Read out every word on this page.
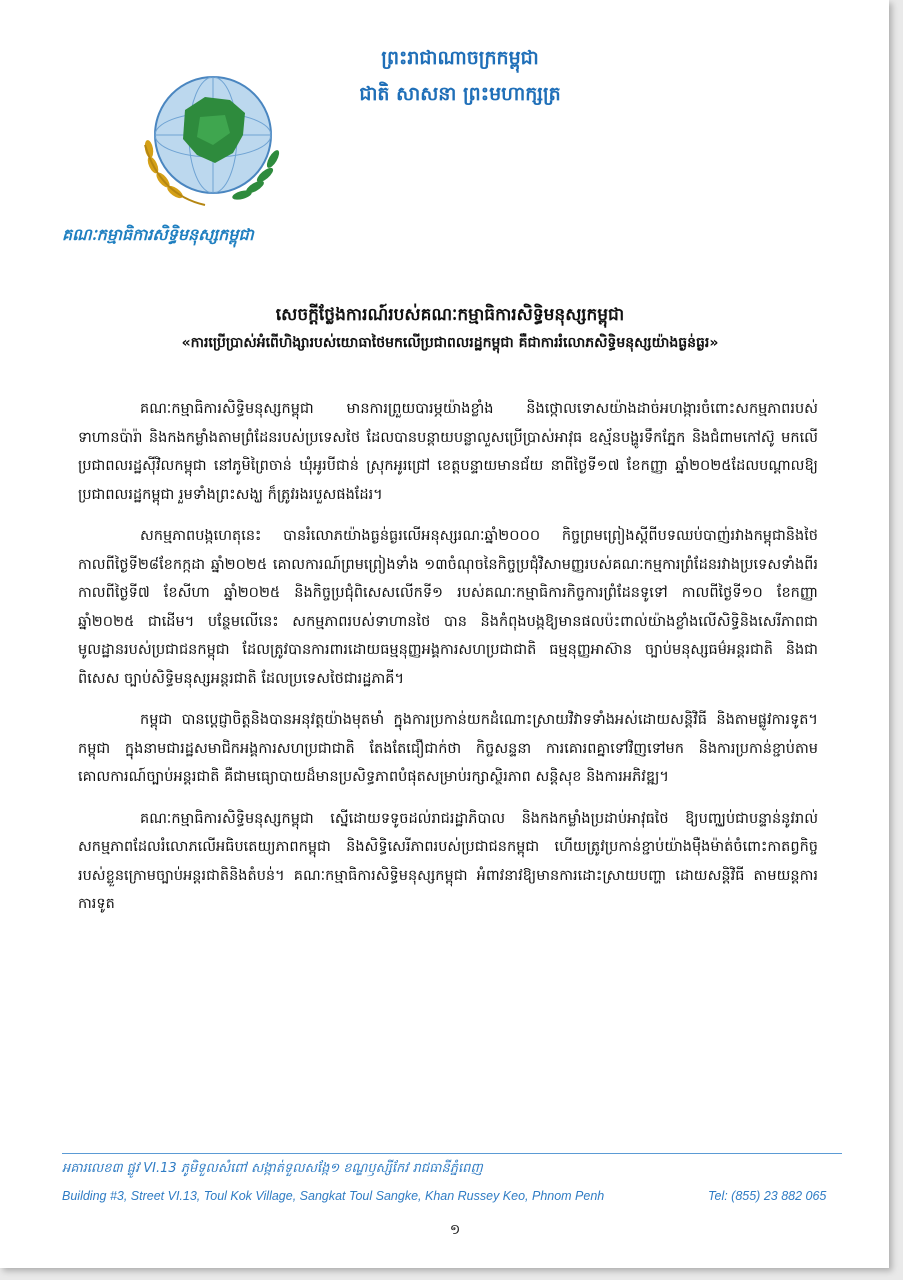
គណៈកម្មាធិការសិទ្ធិមនុស្សកម្ពុជា
ព្រះរាជាណាចក្រកម្ពុជា
ជាតិ សាសនា ព្រះមហាក្សត្រ
សេចក្តីថ្លែងការណ៍របស់គណៈកម្មាធិការសិទ្ធិមនុស្សកម្ពុជា
«ការប្រើប្រាស់អំពើហិង្សារបស់យោធាថៃមកលើប្រជាពលរដ្ឋកម្ពុជា គឺជាការរំលោភសិទ្ធិមនុស្សយ៉ាងធ្ងន់ធ្ងរ»

គណៈកម្មាធិការសិទ្ធិមនុស្សកម្ពុជា មានការព្រួយបារម្ភយ៉ាងខ្លាំង និងថ្កោលទោសយ៉ាងដាច់អហង្ការចំពោះសកម្មភាពរបស់ទាហានប៉ារ៉ា និងកងកម្លាំងតាមព្រំដែនរបស់ប្រទេសថៃ ដែលបានបន្តាយបន្លាលួសប្រើប្រាស់អាវុធ ឧស្ម័នបង្ហូរទឹកភ្នែក និងជំពាមកៅស៊ូ មកលើប្រជាពលរដ្ឋស៊ីវិលកម្ពុជា នៅភូមិព្រៃចាន់ ឃុំអូរបីជាន់ ស្រុកអូរជ្រៅ ខេត្តបន្ទាយមានជ័យ នាពីថ្ងៃទី១៧ ខែកញ្ញា ឆ្នាំ២០២៥ដែលបណ្តាលឱ្យប្រជាពលរដ្ឋកម្ពុជា រួមទាំងព្រះសង្ឃ ក៏ត្រូវរងរបួសផងដែរ។

សកម្មភាពបង្កហេតុនេះ បានរំលោភយ៉ាងធ្ងន់ធ្ងរលើអនុស្សរណៈឆ្នាំ២០០០ កិច្ចព្រមព្រៀងស្តីពីបទឈប់បាញ់រវាងកម្ពុជានិងថៃ កាលពីថ្ងៃទី២៨ខែកក្កដា ឆ្នាំ២០២៥ គោលការណ៍ព្រមព្រៀងទាំង ១៣ចំណុចនៃកិច្ចប្រជុំវិសាមញ្ញរបស់គណៈកម្មការព្រំដែនរវាងប្រទេសទាំងពីរ កាលពីថ្ងៃទី៧ ខែសីហា ឆ្នាំ២០២៥ និងកិច្ចប្រជុំពិសេសលើកទី១ របស់គណៈកម្មាធិការកិច្ចការព្រំដែនទូទៅ កាលពីថ្ងៃទី១០ ខែកញ្ញា ឆ្នាំ២០២៥ ជាដើម។ បន្ថែមលើនេះ សកម្មភាពរបស់ទាហានថៃ បាន និងកំពុងបង្កឱ្យមានផលប៉ះពាល់យ៉ាងខ្លាំងលើសិទ្ធិនិងសេរីភាពជាមូលដ្ឋានរបស់ប្រជាជនកម្ពុជា ដែលត្រូវបានការពារដោយធម្មនុញ្ញអង្គការសហប្រជាជាតិ ធម្មនុញ្ញអាស៊ាន ច្បាប់មនុស្សធម៌អន្តរជាតិ និងជាពិសេស ច្បាប់សិទ្ធិមនុស្សអន្តរជាតិ ដែលប្រទេសថៃជារដ្ឋភាគី។

កម្ពុជា បានប្តេជ្ញាចិត្តនិងបានអនុវត្តយ៉ាងមុតមាំ ក្នុងការប្រកាន់យកដំណោះស្រាយវិវាទទាំងអស់ដោយសន្តិវិធី និងតាមផ្លូវការទូត។ កម្ពុជា ក្នុងនាមជារដ្ឋសមាជិកអង្គការសហប្រជាជាតិ តែងតែជឿជាក់ថា កិច្ចសន្ទនា ការគោរពគ្នាទៅវិញទៅមក និងការប្រកាន់ខ្ជាប់តាមគោលការណ៍ច្បាប់អន្តរជាតិ គឺជាមធ្យោបាយដ៏មានប្រសិទ្ធភាពបំផុតសម្រាប់រក្សាស្ថិរភាព សន្តិសុខ និងការអភិវឌ្ឍ។

គណៈកម្មាធិការសិទ្ធិមនុស្សកម្ពុជា ស្នើដោយទទូចដល់រាជរដ្ឋាភិបាល និងកងកម្លាំងប្រដាប់អាវុធថៃ ឱ្យបញ្ឈប់ជាបន្ទាន់នូវរាល់សកម្មភាពដែលរំលោភលើអធិបតេយ្យភាពកម្ពុជា និងសិទ្ធិសេរីភាពរបស់ប្រជាជនកម្ពុជា ហើយត្រូវប្រកាន់ខ្ជាប់យ៉ាងម៉ឺងម៉ាត់ចំពោះកាតព្វកិច្ចរបស់ខ្លួនក្រោមច្បាប់អន្តរជាតិនិងតំបន់។ គណៈកម្មាធិការសិទ្ធិមនុស្សកម្ពុជា អំពាវនាវឱ្យមានការដោះស្រាយបញ្ហា ដោយសន្តិវិធី តាមយន្តការការទូត

អគារលេខ៣ ផ្លូវ VI.13 ភូមិទួលសំពៅ សង្កាត់ទួលសង្កែ១ ខណ្ឌឫស្សីកែវ រាជធានីភ្នំពេញ
Building #3, Street VI.13, Toul Kok Village, Sangkat Toul Sangke, Khan Russey Keo, Phnom Penh	Tel: (855) 23 882 065
១
